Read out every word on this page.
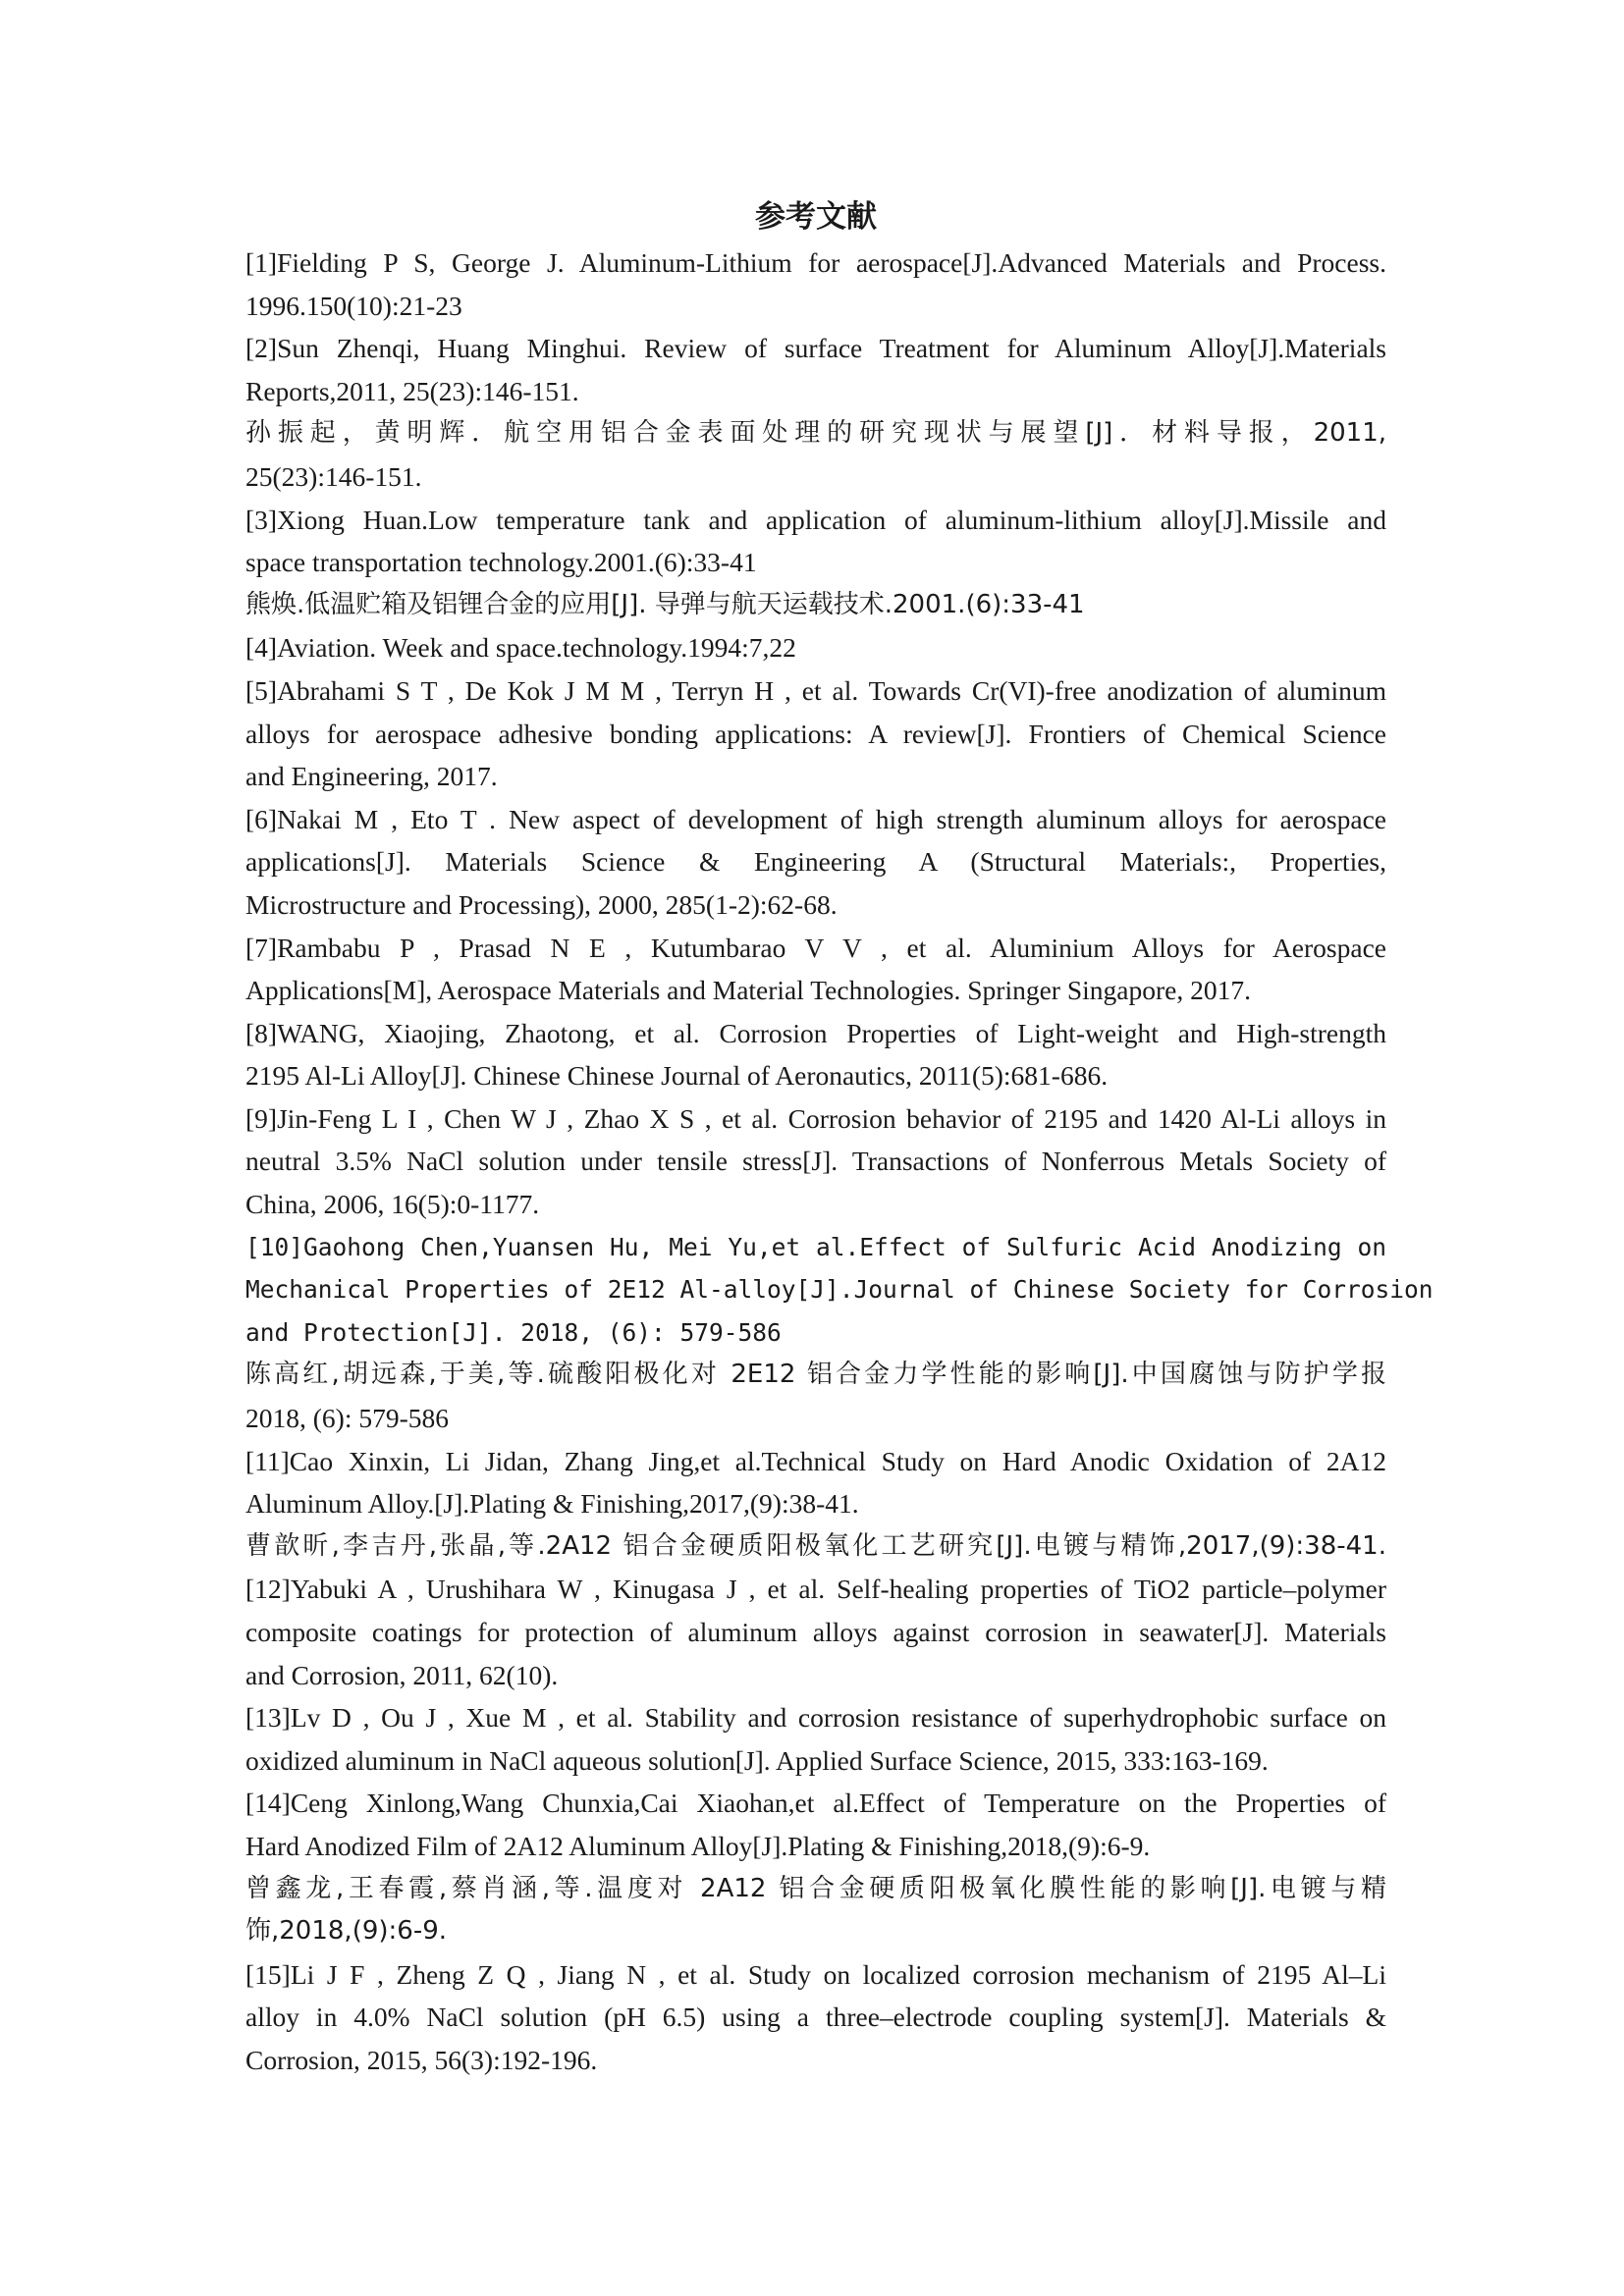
参考文献
[1]Fielding P S, George J. Aluminum-Lithium for aerospace[J].Advanced Materials and Process.
1996.150(10):21-23
[2]Sun Zhenqi, Huang Minghui. Review of surface Treatment for Aluminum Alloy[J].Materials
Reports,2011, 25(23):146-151.
孙振起，黄明辉．航空用铝合金表面处理的研究现状与展望[J]．材料导报，2011,
25(23):146-151.
[3]Xiong Huan.Low temperature tank and application of aluminum-lithium alloy[J].Missile and
space transportation technology.2001.(6):33-41
熊焕.低温贮箱及铝锂合金的应用[J]. 导弹与航天运载技术.2001.(6):33-41
[4]Aviation. Week and space.technology.1994:7,22
[5]Abrahami S T , De Kok J M M , Terryn H , et al. Towards Cr(VI)-free anodization of aluminum
alloys for aerospace adhesive bonding applications: A review[J]. Frontiers of Chemical Science
and Engineering, 2017.
[6]Nakai M , Eto T . New aspect of development of high strength aluminum alloys for aerospace
applications[J]. Materials Science & Engineering A (Structural Materials:, Properties,
Microstructure and Processing), 2000, 285(1-2):62-68.
[7]Rambabu P , Prasad N E , Kutumbarao V V , et al. Aluminium Alloys for Aerospace
Applications[M], Aerospace Materials and Material Technologies. Springer Singapore, 2017.
[8]WANG, Xiaojing, Zhaotong, et al. Corrosion Properties of Light-weight and High-strength
2195 Al-Li Alloy[J]. Chinese Chinese Journal of Aeronautics, 2011(5):681-686.
[9]Jin-Feng L I , Chen W J , Zhao X S , et al. Corrosion behavior of 2195 and 1420 Al-Li alloys in
neutral 3.5% NaCl solution under tensile stress[J]. Transactions of Nonferrous Metals Society of
China, 2006, 16(5):0-1177.
[10]Gaohong Chen,Yuansen Hu, Mei Yu,et al.Effect of Sulfuric Acid Anodizing on
Mechanical Properties of 2E12 Al-alloy[J].Journal of Chinese Society for Corrosion
and Protection[J]. 2018, (6): 579-586
陈高红,胡远森,于美,等.硫酸阳极化对 2E12 铝合金力学性能的影响[J].中国腐蚀与防护学报
2018, (6): 579-586
[11]Cao Xinxin, Li Jidan, Zhang Jing,et al.Technical Study on Hard Anodic Oxidation of 2A12
Aluminum Alloy.[J].Plating & Finishing,2017,(9):38-41.
曹歆昕,李吉丹,张晶,等.2A12 铝合金硬质阳极氧化工艺研究[J].电镀与精饰,2017,(9):38-41.
[12]Yabuki A , Urushihara W , Kinugasa J , et al. Self-healing properties of TiO2 particle–polymer
composite coatings for protection of aluminum alloys against corrosion in seawater[J]. Materials
and Corrosion, 2011, 62(10).
[13]Lv D , Ou J , Xue M , et al. Stability and corrosion resistance of superhydrophobic surface on
oxidized aluminum in NaCl aqueous solution[J]. Applied Surface Science, 2015, 333:163-169.
[14]Ceng Xinlong,Wang Chunxia,Cai Xiaohan,et al.Effect of Temperature on the Properties of
Hard Anodized Film of 2A12 Aluminum Alloy[J].Plating & Finishing,2018,(9):6-9.
曾鑫龙,王春霞,蔡肖涵,等.温度对 2A12 铝合金硬质阳极氧化膜性能的影响[J].电镀与精
饰,2018,(9):6-9.
[15]Li J F , Zheng Z Q , Jiang N , et al. Study on localized corrosion mechanism of 2195 Al–Li
alloy in 4.0% NaCl solution (pH 6.5) using a three–electrode coupling system[J]. Materials &
Corrosion, 2015, 56(3):192-196.
